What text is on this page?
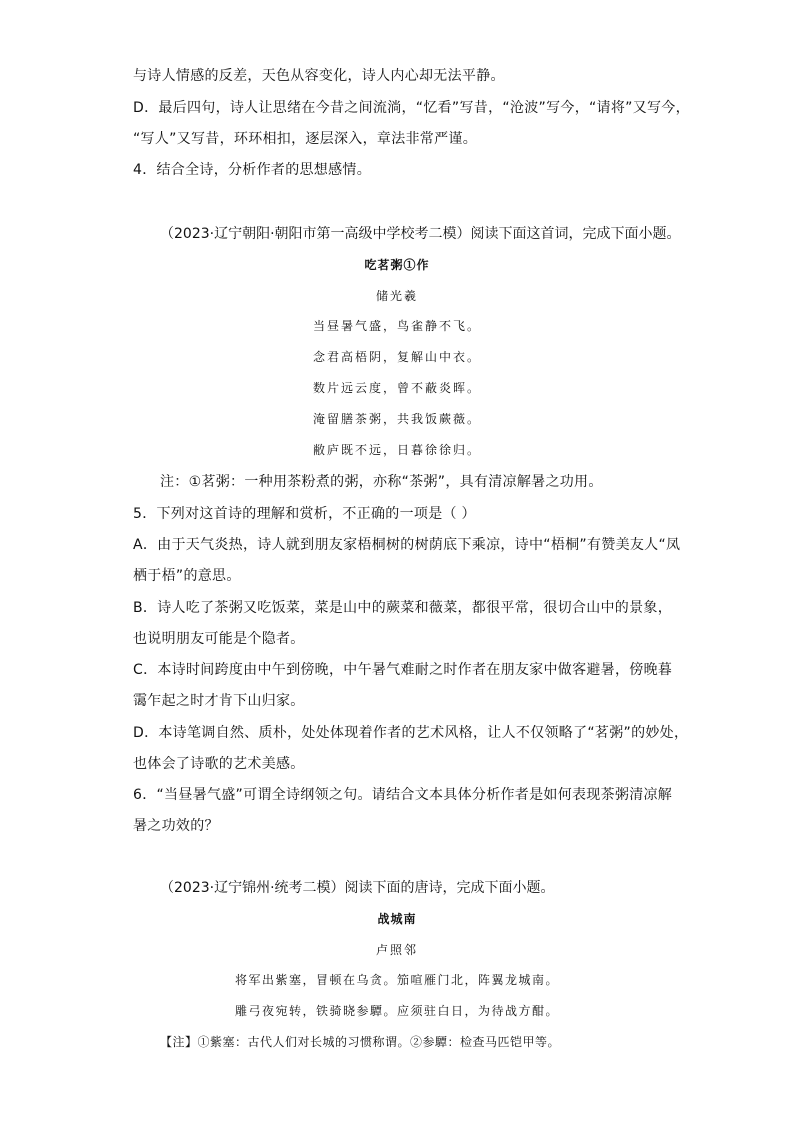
与诗人情感的反差，天色从容变化，诗人内心却无法平静。
D．最后四句，诗人让思绪在今昔之间流淌，“忆看”写昔，“沧波”写今，“请将”又写今，
“写人”又写昔，环环相扣，逐层深入，章法非常严谨。
4．结合全诗，分析作者的思想感情。
（2023·辽宁朝阳·朝阳市第一高级中学校考二模）阅读下面这首词，完成下面小题。
吃茗粥①作
储光羲
当昼暑气盛，鸟雀静不飞。
念君高梧阴，复解山中衣。
数片远云度，曾不蔽炎晖。
淹留膳茶粥，共我饭蕨薇。
敝庐既不远，日暮徐徐归。
注：①茗粥：一种用茶粉煮的粥，亦称“茶粥”，具有清凉解暑之功用。
5．下列对这首诗的理解和赏析，不正确的一项是（ ）
A．由于天气炎热，诗人就到朋友家梧桐树的树荫底下乘凉，诗中“梧桐”有赞美友人“凤
栖于梧”的意思。
B．诗人吃了茶粥又吃饭菜，菜是山中的蕨菜和薇菜，都很平常，很切合山中的景象，
也说明朋友可能是个隐者。
C．本诗时间跨度由中午到傍晚，中午暑气难耐之时作者在朋友家中做客避暑，傍晚暮
霭乍起之时才肯下山归家。
D．本诗笔调自然、质朴，处处体现着作者的艺术风格，让人不仅领略了“茗粥”的妙处，
也体会了诗歌的艺术美感。
6．“当昼暑气盛”可谓全诗纲领之句。请结合文本具体分析作者是如何表现茶粥清凉解
暑之功效的？
（2023·辽宁锦州·统考二模）阅读下面的唐诗，完成下面小题。
战城南
卢照邻
将军出紫塞，冒顿在乌贪。笳喧雁门北，阵翼龙城南。
雕弓夜宛转，铁骑晓参驔。应须驻白日，为待战方酣。
【注】①紫塞：古代人们对长城的习惯称谓。②参驔：检查马匹铠甲等。
